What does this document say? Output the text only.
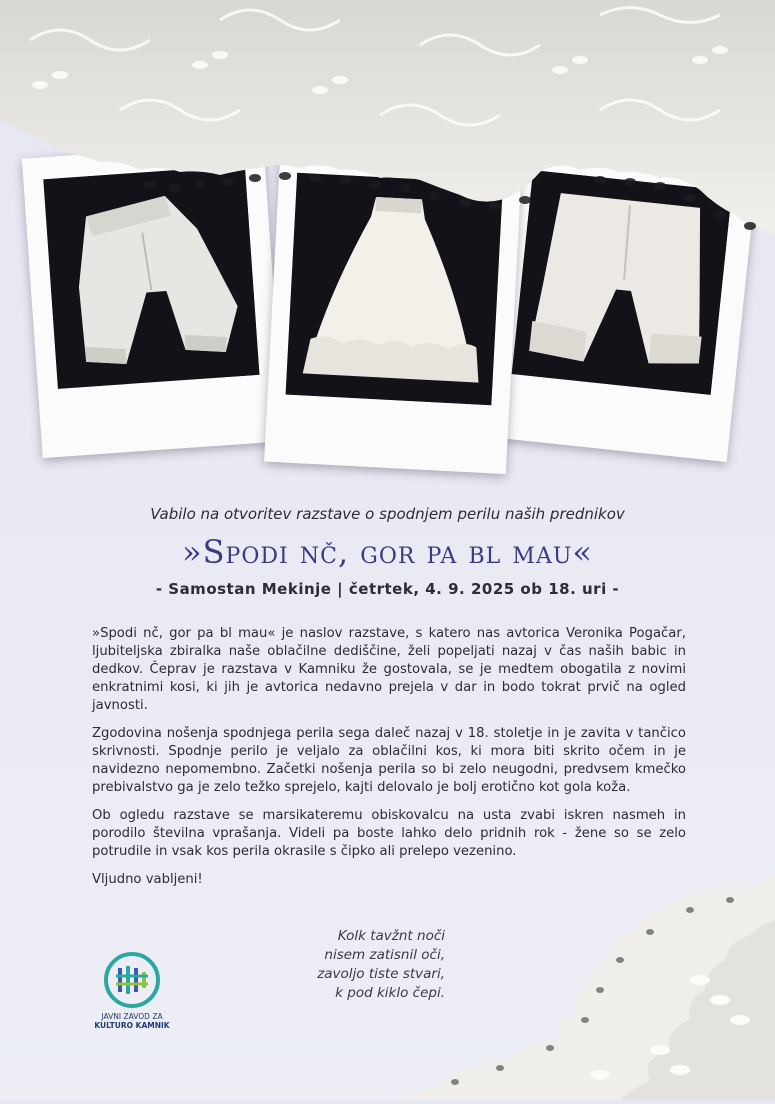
Vabilo na otvoritev razstave o spodnjem perilu naših prednikov
»Spodi nč, gor pa bl mau«
- Samostan Mekinje | četrtek, 4. 9. 2025 ob 18. uri -

»Spodi nč, gor pa bl mau« je naslov razstave, s katero nas avtorica Veronika Pogačar, ljubiteljska zbiralka naše oblačilne dediščine, želi popeljati nazaj v čas naših babic in dedkov. Čeprav je razstava v Kamniku že gostovala, se je medtem obogatila z novimi enkratnimi kosi, ki jih je avtorica nedavno prejela v dar in bodo tokrat prvič na ogled javnosti.

Zgodovina nošenja spodnjega perila sega daleč nazaj v 18. stoletje in je zavita v tančico skrivnosti. Spodnje perilo je veljalo za oblačilni kos, ki mora biti skrito očem in je navidezno nepomembno. Začetki nošenja perila so bi zelo neugodni, predvsem kmečko prebivalstvo ga je zelo težko sprejelo, kajti delovalo je bolj erotično kot gola koža.

Ob ogledu razstave se marsikateremu obiskovalcu na usta zvabi iskren nasmeh in porodilo številna vprašanja. Videli pa boste lahko delo pridnih rok - žene so se zelo potrudile in vsak kos perila okrasile s čipko ali prelepo vezenino.

Vljudno vabljeni!

Kolk tavžnt noči
nisem zatisnil oči,
zavoljo tiste stvari,
k pod kiklo čepi.
JAVNI ZAVOD ZA
KULTURO KAMNIK
